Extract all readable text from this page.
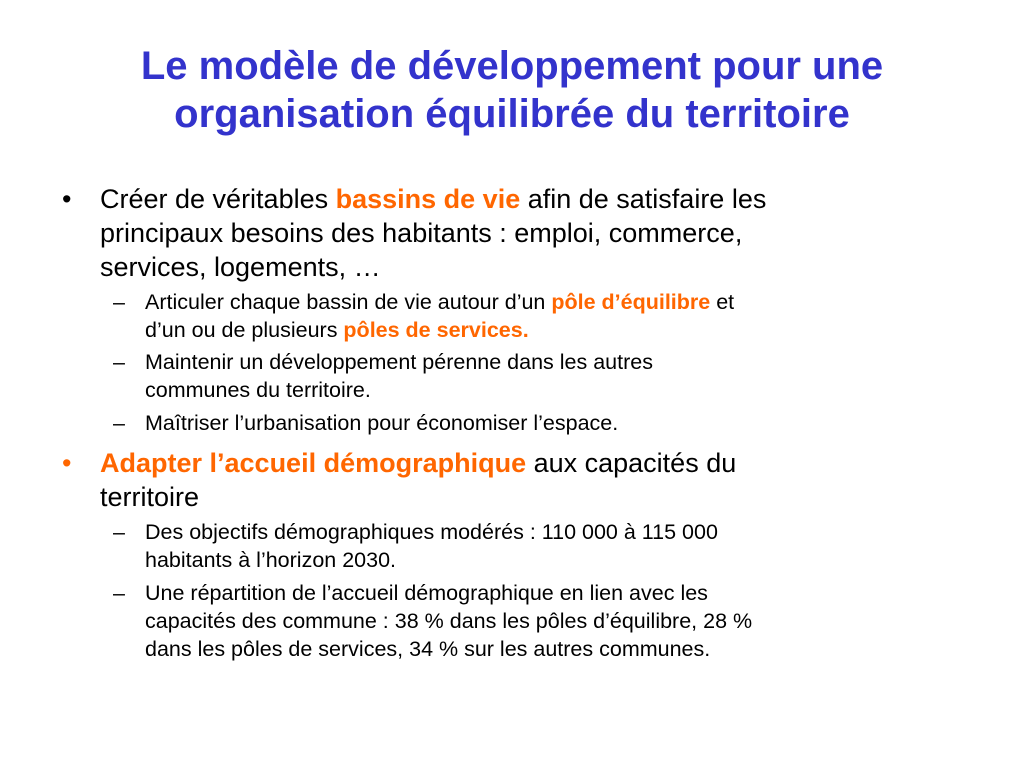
Le modèle de développement pour une
organisation équilibrée du territoire

• Créer de véritables bassins de vie afin de satisfaire les
principaux besoins des habitants : emploi, commerce,
services, logements, …

– Articuler chaque bassin de vie autour d’un pôle d’équilibre et
d’un ou de plusieurs pôles de services.

– Maintenir un développement pérenne dans les autres
communes du territoire.

– Maîtriser l’urbanisation pour économiser l’espace.

• Adapter l’accueil démographique aux capacités du
territoire

– Des objectifs démographiques modérés : 110 000 à 115 000
habitants à l’horizon 2030.

– Une répartition de l’accueil démographique en lien avec les
capacités des commune : 38 % dans les pôles d’équilibre, 28 %
dans les pôles de services, 34 % sur les autres communes.
